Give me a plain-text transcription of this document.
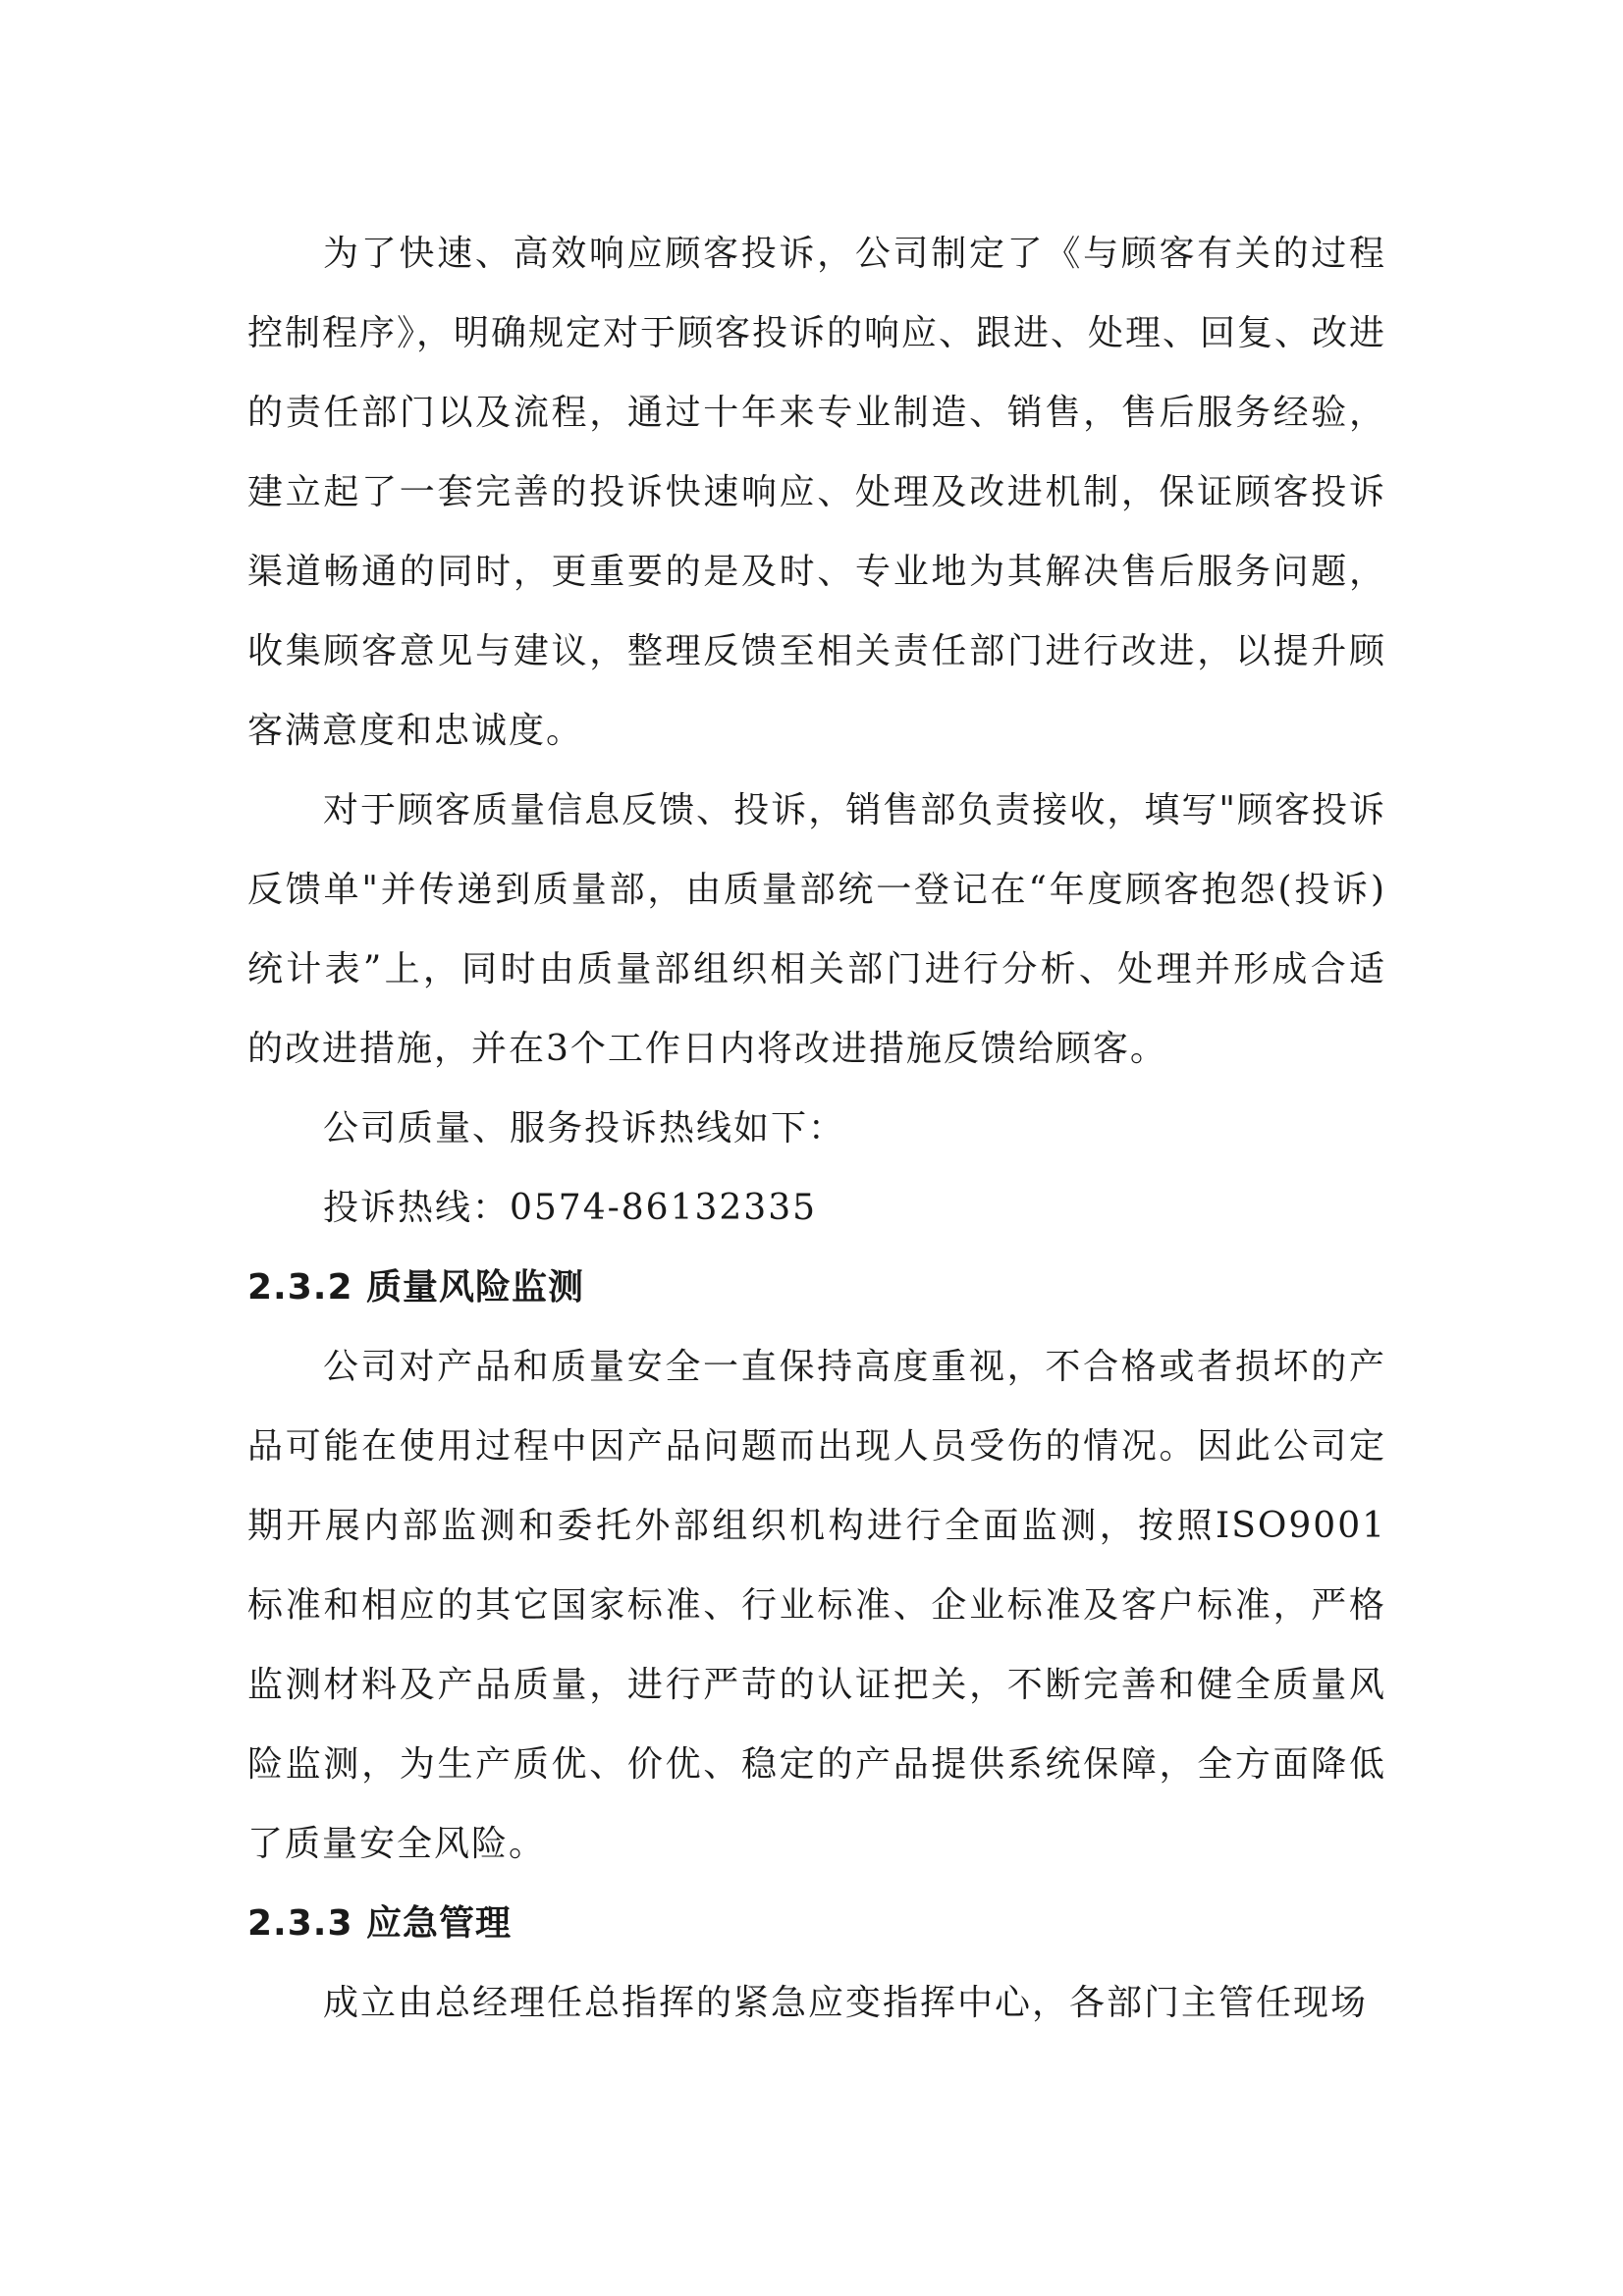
为了快速、高效响应顾客投诉，公司制定了《与顾客有关的过程控制程序》，明确规定对于顾客投诉的响应、跟进、处理、回复、改进的责任部门以及流程，通过十年来专业制造、销售，售后服务经验，建立起了一套完善的投诉快速响应、处理及改进机制，保证顾客投诉渠道畅通的同时，更重要的是及时、专业地为其解决售后服务问题，收集顾客意见与建议，整理反馈至相关责任部门进行改进，以提升顾客满意度和忠诚度。

对于顾客质量信息反馈、投诉，销售部负责接收，填写"顾客投诉反馈单"并传递到质量部，由质量部统一登记在“年度顾客抱怨(投诉)统计表”上，同时由质量部组织相关部门进行分析、处理并形成合适的改进措施，并在3个工作日内将改进措施反馈给顾客。

公司质量、服务投诉热线如下：

投诉热线：0574-86132335

2.3.2 质量风险监测

公司对产品和质量安全一直保持高度重视，不合格或者损坏的产品可能在使用过程中因产品问题而出现人员受伤的情况。因此公司定期开展内部监测和委托外部组织机构进行全面监测，按照ISO9001标准和相应的其它国家标准、行业标准、企业标准及客户标准，严格监测材料及产品质量，进行严苛的认证把关，不断完善和健全质量风险监测，为生产质优、价优、稳定的产品提供系统保障，全方面降低了质量安全风险。

2.3.3 应急管理

成立由总经理任总指挥的紧急应变指挥中心，各部门主管任现场
